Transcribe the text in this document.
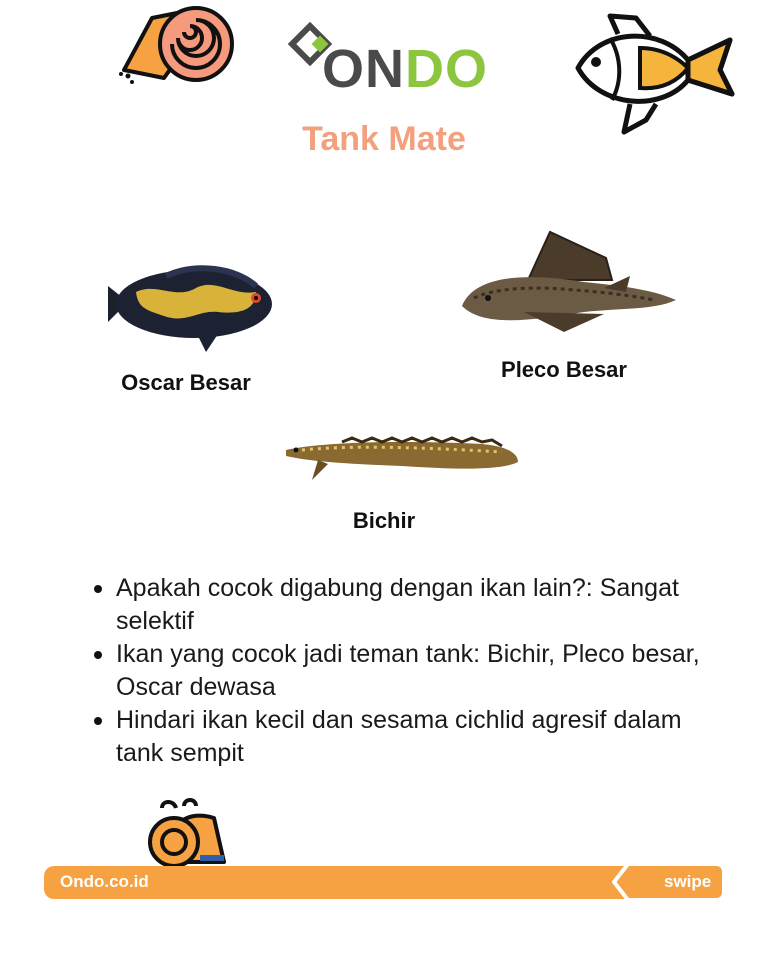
ONDO
Tank Mate
Oscar Besar
Pleco Besar
Bichir
Apakah cocok digabung dengan ikan lain?: Sangat selektif
Ikan yang cocok jadi teman tank: Bichir, Pleco besar, Oscar dewasa
Hindari ikan kecil dan sesama cichlid agresif dalam tank sempit
Ondo.co.id	swipe
